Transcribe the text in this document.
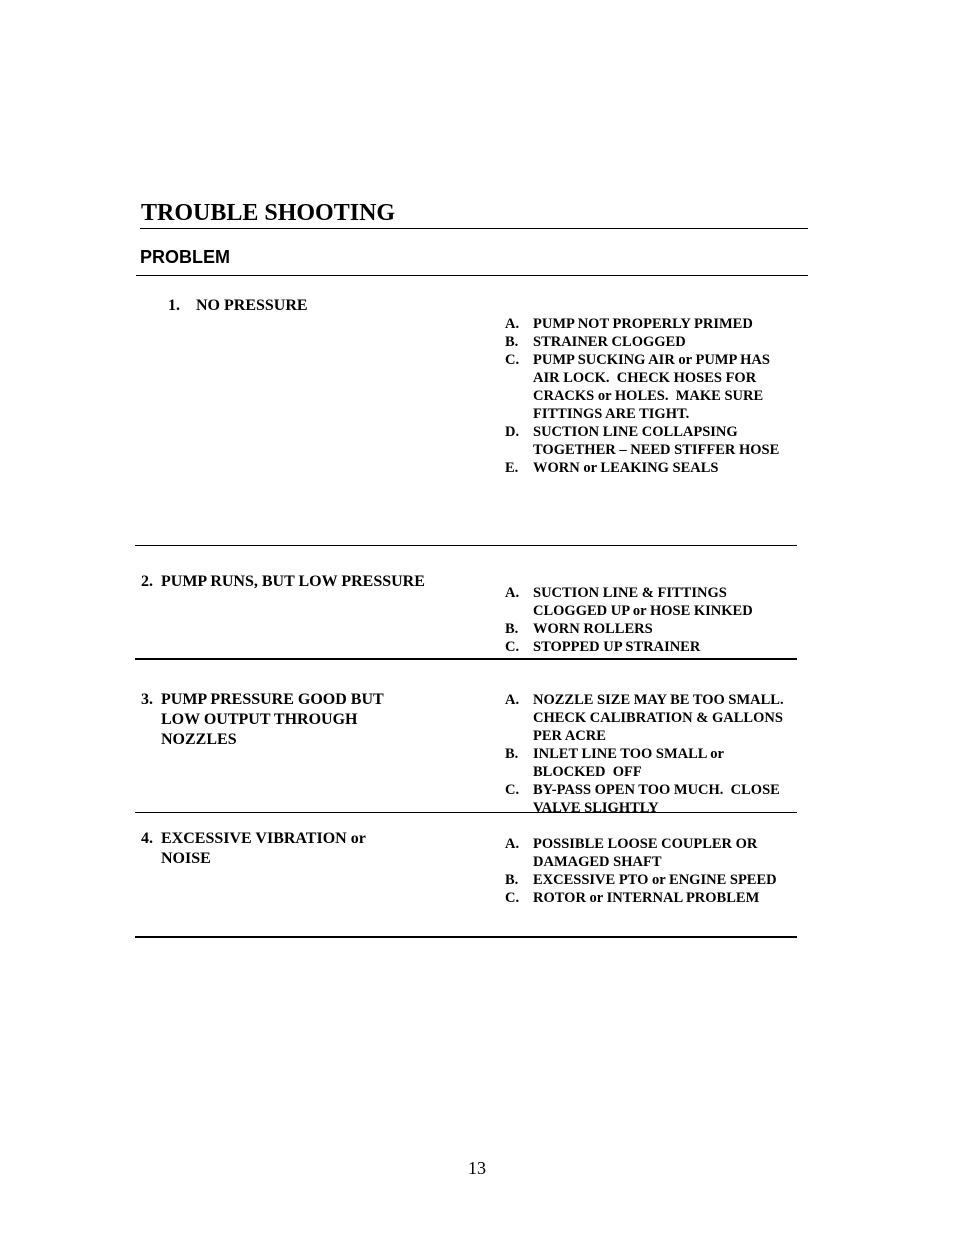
TROUBLE SHOOTING
PROBLEM
1.    NO PRESSURE
A. PUMP NOT PROPERLY PRIMED
B.	STRAINER CLOGGED
C. PUMP SUCKING AIR or PUMP HAS
AIR LOCK.  CHECK HOSES FOR
CRACKS or HOLES.  MAKE SURE
FITTINGS ARE TIGHT.
D. SUCTION LINE COLLAPSING
TOGETHER – NEED STIFFER HOSE
E.	WORN or LEAKING SEALS
2.  PUMP RUNS, BUT LOW PRESSURE
A. SUCTION LINE & FITTINGS
CLOGGED UP or HOSE KINKED
B.	WORN ROLLERS
C. STOPPED UP STRAINER
3.  PUMP PRESSURE GOOD BUT
LOW OUTPUT THROUGH
NOZZLES
A. NOZZLE SIZE MAY BE TOO SMALL.
CHECK CALIBRATION & GALLONS
PER ACRE
B.	INLET LINE TOO SMALL or
BLOCKED  OFF
C. BY-PASS OPEN TOO MUCH.  CLOSE
VALVE SLIGHTLY
4.  EXCESSIVE VIBRATION or
NOISE
A. POSSIBLE LOOSE COUPLER OR
DAMAGED SHAFT
B.	EXCESSIVE PTO or ENGINE SPEED
C. ROTOR or INTERNAL PROBLEM
13
